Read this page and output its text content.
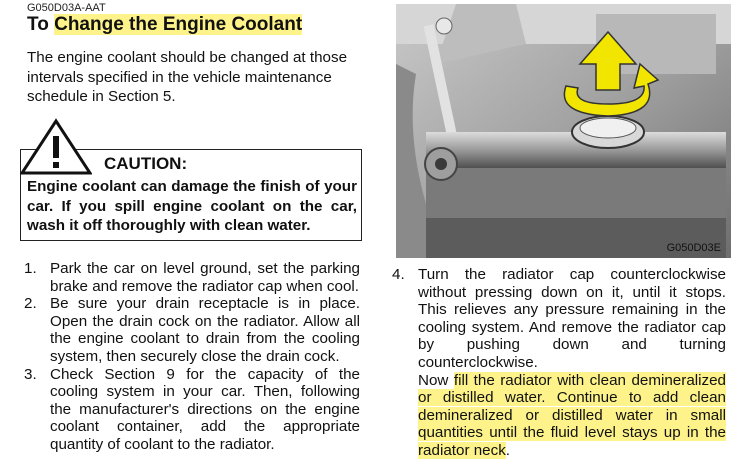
G050D03A-AAT
To Change the Engine Coolant

The engine coolant should be changed at those intervals specified in the vehicle maintenance schedule in Section 5.

CAUTION:
Engine coolant can damage the finish of your car. If you spill engine coolant on the car, wash it off thoroughly with clean water.
1. Park the car on level ground, set the parking brake and remove the radiator cap when cool.
2. Be sure your drain receptacle is in place. Open the drain cock on the radiator. Allow all the engine coolant to drain from the cooling system, then securely close the drain cock.
3. Check Section 9 for the capacity of the cooling system in your car. Then, following the manufacturer's directions on the engine coolant container, add the appropriate quantity of coolant to the radiator.
4. Turn the radiator cap counterclockwise without pressing down on it, until it stops. This relieves any pressure remaining in the cooling system. And remove the radiator cap by pushing down and turning counterclockwise.
Now fill the radiator with clean demineralized or distilled water. Continue to add clean demineralized or distilled water in small quantities until the fluid level stays up in the radiator neck.
G050D03E
